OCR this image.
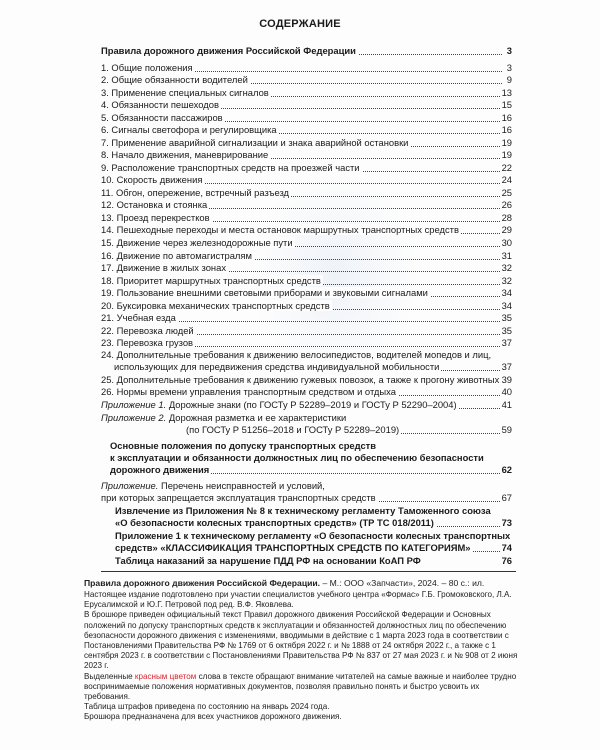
СОДЕРЖАНИЕ
Правила дорожного движения Российской Федерации	3
1. Общие положения	3
2. Общие обязанности водителей	9
3. Применение специальных сигналов	13
4. Обязанности пешеходов	15
5. Обязанности пассажиров	16
6. Сигналы светофора и регулировщика	16
7. Применение аварийной сигнализации и знака аварийной остановки	19
8. Начало движения, маневрирование	19
9. Расположение транспортных средств на проезжей части	22
10. Скорость движения	24
11. Обгон, опережение, встречный разъезд	25
12. Остановка и стоянка	26
13. Проезд перекрестков	28
14. Пешеходные переходы и места остановок маршрутных транспортных средств	29
15. Движение через железнодорожные пути	30
16. Движение по автомагистралям	31
17. Движение в жилых зонах	32
18. Приоритет маршрутных транспортных средств	32
19. Пользование внешними световыми приборами и звуковыми сигналами	34
20. Буксировка механических транспортных средств	34
21. Учебная езда	35
22. Перевозка людей	35
23. Перевозка грузов	37
24. Дополнительные требования к движению велосипедистов, водителей мопедов и лиц,
использующих для передвижения средства индивидуальной мобильности	37
25. Дополнительные требования к движению гужевых повозок, а также к прогону животных 39
26. Нормы времени управления транспортным средством и отдыха	40
Приложение 1. Дорожные знаки (по ГОСТу Р 52289–2019 и ГОСТу Р 52290–2004)	41
Приложение 2. Дорожная разметка и ее характеристики
(по ГОСТу Р 51256–2018 и ГОСТу Р 52289–2019)	59
Основные положения по допуску транспортных средств
к эксплуатации и обязанности должностных лиц по обеспечению безопасности
дорожного движения	62
Приложение. Перечень неисправностей и условий,
при которых запрещается эксплуатация транспортных средств	67
Извлечение из Приложения № 8 к техническому регламенту Таможенного союза
«О безопасности колесных транспортных средств» (ТР ТС 018/2011)	73
Приложение 1 к техническому регламенту «О безопасности колесных транспортных
средств» «КЛАССИФИКАЦИЯ ТРАНСПОРТНЫХ СРЕДСТВ ПО КАТЕГОРИЯМ»	74
Таблица наказаний за нарушение ПДД РФ на основании КоАП РФ	76

Правила дорожного движения Российской Федерации. – М.: ООО «Запчасти», 2024. – 80 с.: ил.

Настоящее издание подготовлено при участии специалистов учебного центра «Формас» Г.Б. Громоковского, Л.А. Ерусалимской и Ю.Г. Петровой под ред. В.Ф. Яковлева.

В брошюре приведен официальный текст Правил дорожного движения Российской Федерации и Основных положений по допуску транспортных средств к эксплуатации и обязанностей должностных лиц по обеспечению безопасности дорожного движения с изменениями, вводимыми в действие с 1 марта 2023 года в соответствии с Постановлениями Правительства РФ № 1769 от 6 октября 2022 г. и № 1888 от 24 октября 2022 г., а также с 1 сентября 2023 г. в соответствии с Постановлениями Правительства РФ № 837 от 27 мая 2023 г. и № 908 от 2 июня 2023 г.

Выделенные красным цветом слова в тексте обращают внимание читателей на самые важные и наиболее трудно воспринимаемые положения нормативных документов, позволяя правильно понять и быстро усвоить их требования.

Таблица штрафов приведена по состоянию на январь 2024 года.

Брошюра предназначена для всех участников дорожного движения.
